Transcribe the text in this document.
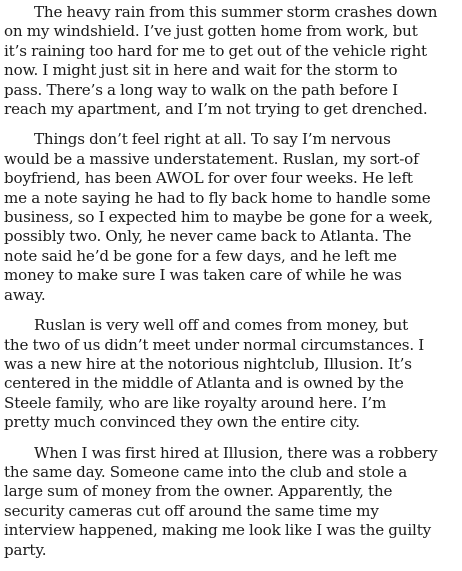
The heavy rain from this summer storm crashes down
on my windshield. I’ve just gotten home from work, but
it’s raining too hard for me to get out of the vehicle right
now. I might just sit in here and wait for the storm to
pass. There’s a long way to walk on the path before I
reach my apartment, and I’m not trying to get drenched.

Things don’t feel right at all. To say I’m nervous
would be a massive understatement. Ruslan, my sort-of
boyfriend, has been AWOL for over four weeks. He left
me a note saying he had to fly back home to handle some
business, so I expected him to maybe be gone for a week,
possibly two. Only, he never came back to Atlanta. The
note said he’d be gone for a few days, and he left me
money to make sure I was taken care of while he was
away.

Ruslan is very well off and comes from money, but
the two of us didn’t meet under normal circumstances. I
was a new hire at the notorious nightclub, Illusion. It’s
centered in the middle of Atlanta and is owned by the
Steele family, who are like royalty around here. I’m
pretty much convinced they own the entire city.

When I was first hired at Illusion, there was a robbery
the same day. Someone came into the club and stole a
large sum of money from the owner. Apparently, the
security cameras cut off around the same time my
interview happened, making me look like I was the guilty
party.
